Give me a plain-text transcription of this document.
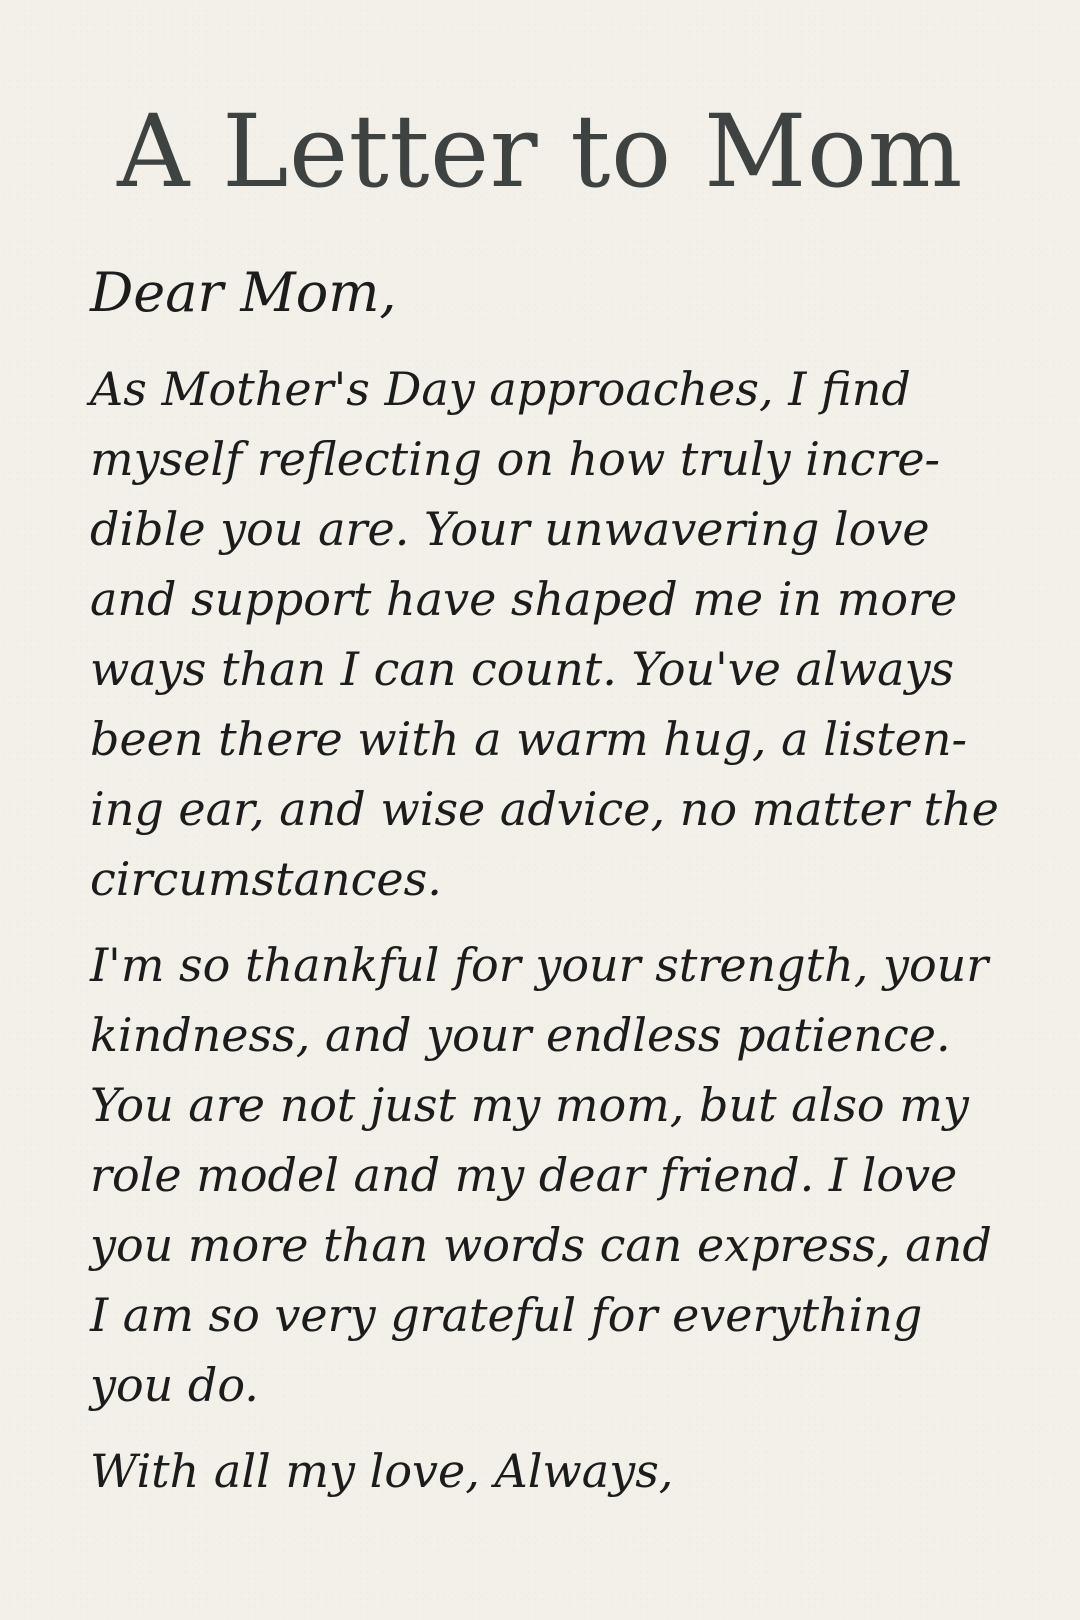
A Letter to Mom

Dear Mom,

As Mother's Day approaches, I find
myself reflecting on how truly incre-
dible you are. Your unwavering love
and support have shaped me in more
ways than I can count. You've always
been there with a warm hug, a listen-
ing ear, and wise advice, no matter the
circumstances.

I'm so thankful for your strength, your
kindness, and your endless patience.
You are not just my mom, but also my
role model and my dear friend. I love
you more than words can express, and
I am so very grateful for everything
you do.

With all my love, Always,
